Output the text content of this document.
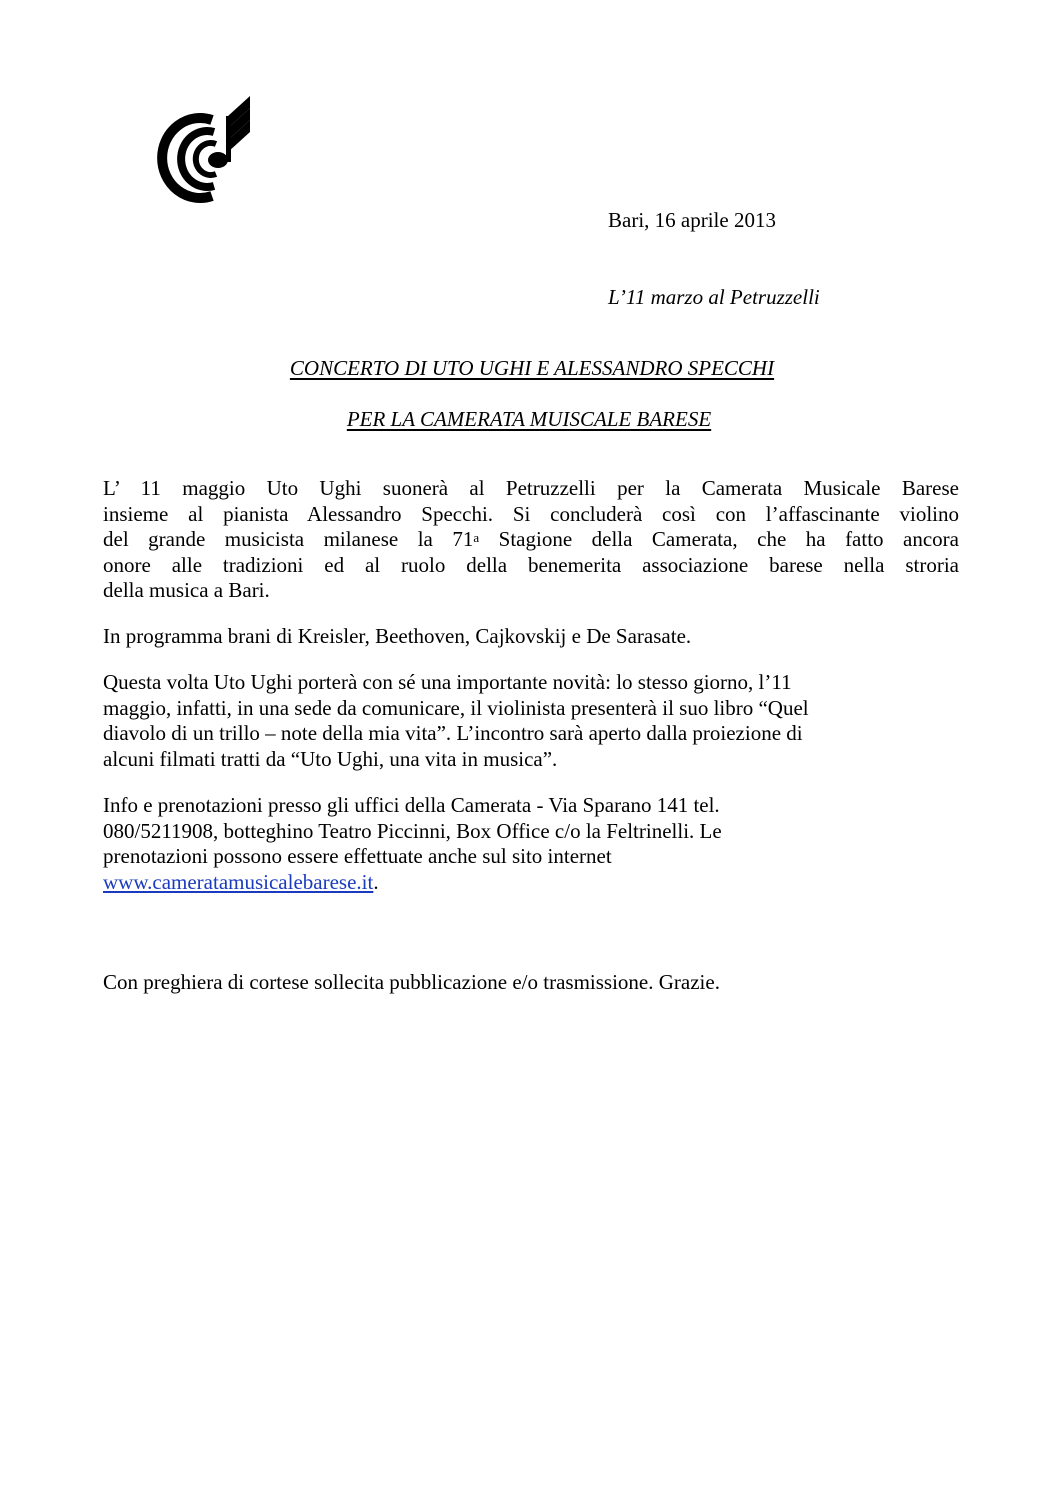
Bari, 16 aprile 2013
L’11 marzo al Petruzzelli
CONCERTO DI UTO UGHI E ALESSANDRO SPECCHI
PER LA CAMERATA MUISCALE BARESE
L’ 11 maggio Uto Ughi suonerà al Petruzzelli per la Camerata Musicale Barese
insieme al pianista Alessandro Specchi. Si concluderà così con l’affascinante violino
del grande musicista milanese la 71$^a$ Stagione della Camerata, che ha fatto ancora
onore alle tradizioni ed al ruolo della benemerita associazione barese nella stroria
della musica a Bari.
In programma brani di Kreisler, Beethoven, Cajkovskij e De Sarasate.
Questa volta Uto Ughi porterà con sé una importante novità: lo stesso giorno, l’11
maggio, infatti, in una sede da comunicare, il violinista presenterà il suo libro “Quel
diavolo di un trillo – note della mia vita”. L’incontro sarà aperto dalla proiezione di
alcuni filmati tratti da “Uto Ughi, una vita in musica”.
Info e prenotazioni presso gli uffici della Camerata - Via Sparano 141 tel.
080/5211908, botteghino Teatro Piccinni, Box Office c/o la Feltrinelli. Le
prenotazioni possono essere effettuate anche sul sito internet
www.cameratamusicalebarese.it.
Con preghiera di cortese sollecita pubblicazione e/o trasmissione. Grazie.
